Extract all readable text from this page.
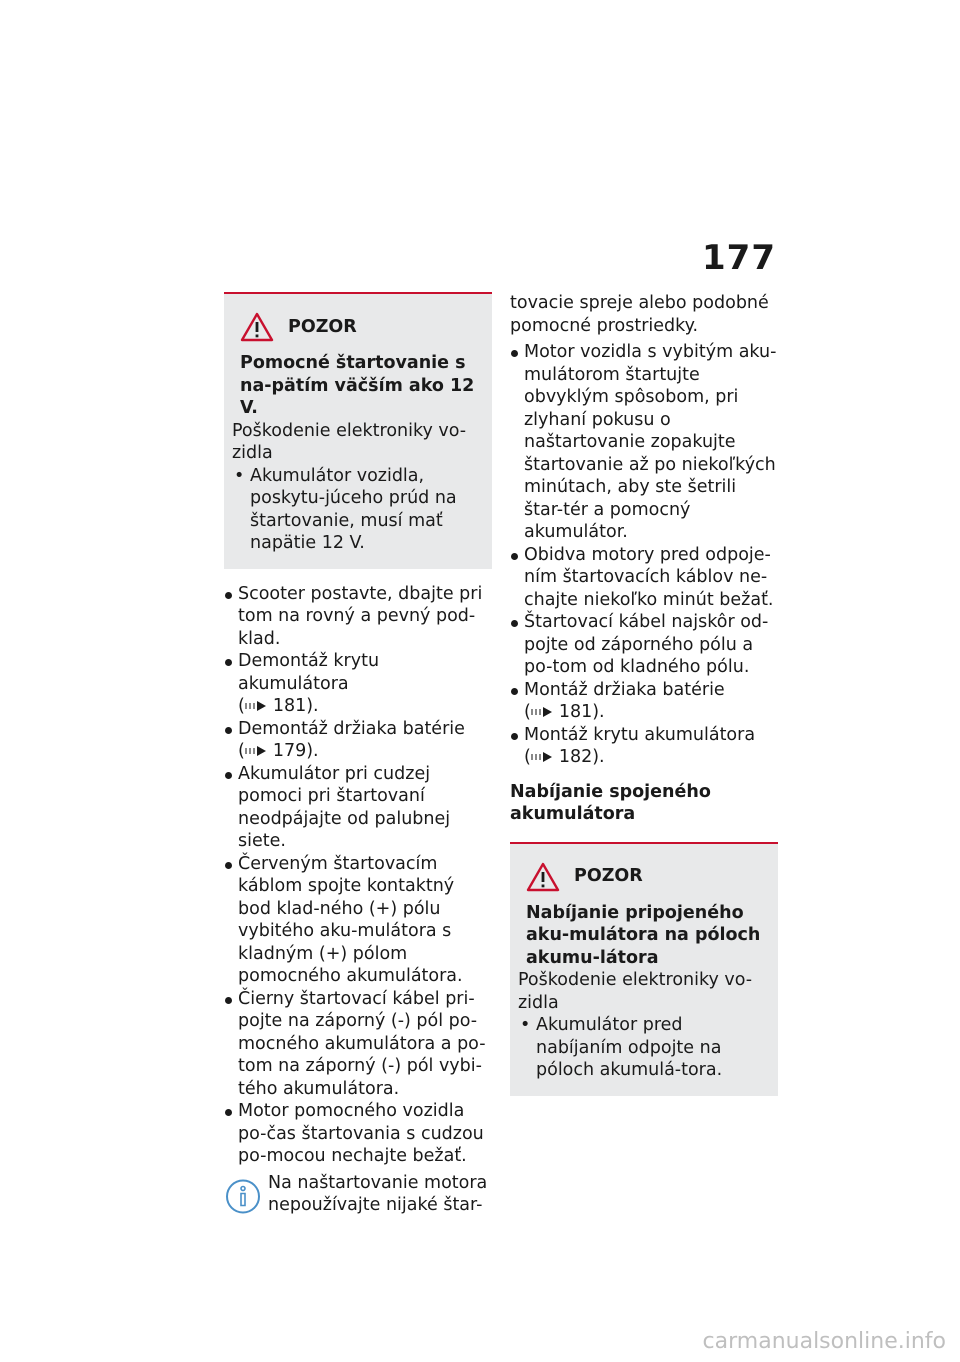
177
POZOR
Pomocné štartovanie s na-pätím väčším ako 12 V.
Poškodenie elektroniky vo-zidla
• Akumulátor vozidla, poskytu-júceho prúd na štartovanie, musí mať napätie 12 V.
Scooter postavte, dbajte pri tom na rovný a pevný pod-klad.
Demontáž krytu akumulátora
( 181).
Demontáž držiaka batérie
( 179).
Akumulátor pri cudzej pomoci pri štartovaní neodpájajte od palubnej siete.
Červeným štartovacím káblom spojte kontaktný bod klad-ného (+) pólu vybitého aku-mulátora s kladným (+) pólom pomocného akumulátora.
Čierny štartovací kábel pri-pojte na záporný (-) pól po-mocného akumulátora a po-tom na záporný (-) pól vybi-tého akumulátora.
Motor pomocného vozidla po-čas štartovania s cudzou po-mocou nechajte bežať.
Na naštartovanie motora nepoužívajte nijaké štar-
tovacie spreje alebo podobné pomocné prostriedky.
Motor vozidla s vybitým aku-mulátorom štartujte obvyklým spôsobom, pri zlyhaní pokusu o naštartovanie zopakujte štartovanie až po niekoľkých minútach, aby ste šetrili štar-tér a pomocný akumulátor.
Obidva motory pred odpoje-ním štartovacích káblov ne-chajte niekoľko minút bežať.
Štartovací kábel najskôr od-pojte od záporného pólu a po-tom od kladného pólu.
Montáž držiaka batérie
( 181).
Montáž krytu akumulátora
( 182).
Nabíjanie spojeného akumulátora
POZOR
Nabíjanie pripojeného aku-mulátora na póloch akumu-látora
Poškodenie elektroniky vo-zidla
• Akumulátor pred nabíjaním odpojte na póloch akumulá-tora.
carmanualsonline.info
